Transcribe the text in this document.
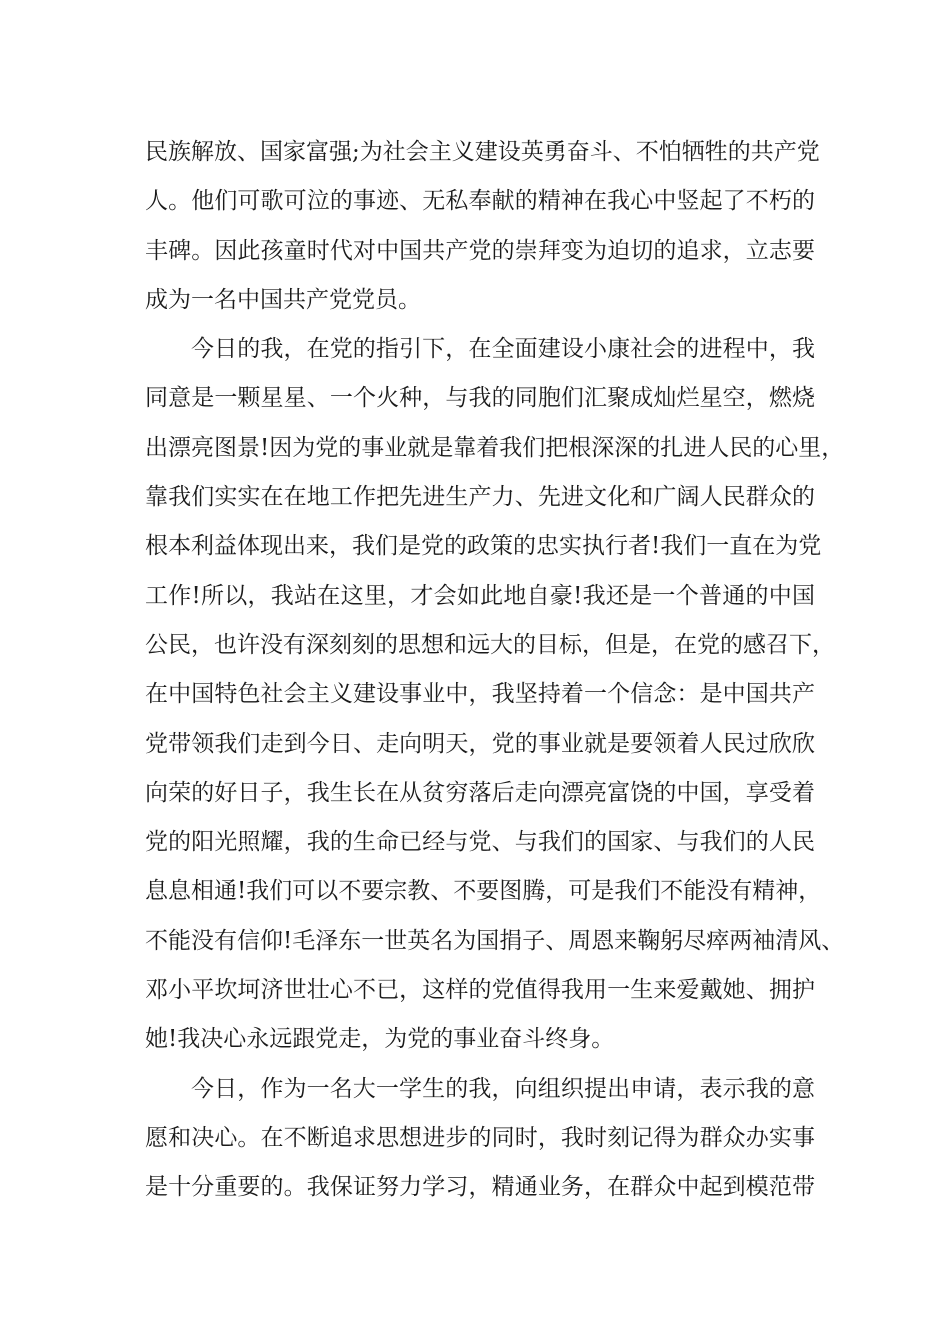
民族解放、国家富强;为社会主义建设英勇奋斗、不怕牺牲的共产党
人。他们可歌可泣的事迹、无私奉献的精神在我心中竖起了不朽的
丰碑。因此孩童时代对中国共产党的崇拜变为迫切的追求，立志要
成为一名中国共产党党员。
今日的我，在党的指引下，在全面建设小康社会的进程中，我
同意是一颗星星、一个火种，与我的同胞们汇聚成灿烂星空，燃烧
出漂亮图景!因为党的事业就是靠着我们把根深深的扎进人民的心里，
靠我们实实在在地工作把先进生产力、先进文化和广阔人民群众的
根本利益体现出来，我们是党的政策的忠实执行者!我们一直在为党
工作!所以，我站在这里，才会如此地自豪!我还是一个普通的中国
公民，也许没有深刻刻的思想和远大的目标，但是，在党的感召下，
在中国特色社会主义建设事业中，我坚持着一个信念：是中国共产
党带领我们走到今日、走向明天，党的事业就是要领着人民过欣欣
向荣的好日子，我生长在从贫穷落后走向漂亮富饶的中国，享受着
党的阳光照耀，我的生命已经与党、与我们的国家、与我们的人民
息息相通!我们可以不要宗教、不要图腾，可是我们不能没有精神，
不能没有信仰!毛泽东一世英名为国捐子、周恩来鞠躬尽瘁两袖清风、
邓小平坎坷济世壮心不已，这样的党值得我用一生来爱戴她、拥护
她!我决心永远跟党走，为党的事业奋斗终身。
今日，作为一名大一学生的我，向组织提出申请，表示我的意
愿和决心。在不断追求思想进步的同时，我时刻记得为群众办实事
是十分重要的。我保证努力学习，精通业务，在群众中起到模范带
